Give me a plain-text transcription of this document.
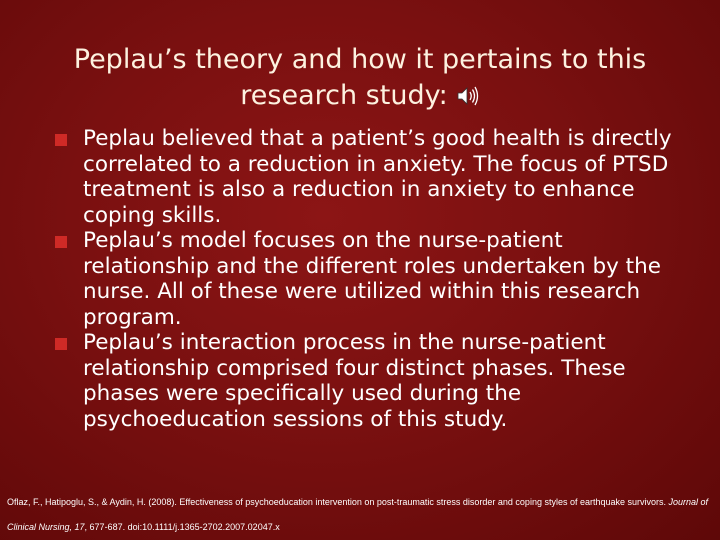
Peplau’s theory and how it pertains to this research study:
Peplau believed that a patient’s good health is directly correlated to a reduction in anxiety. The focus of PTSD treatment is also a reduction in anxiety to enhance coping skills.
Peplau’s model focuses on the nurse-patient relationship and the different roles undertaken by the nurse. All of these were utilized within this research program.
Peplau’s interaction process in the nurse-patient relationship comprised four distinct phases. These phases were specifically used during the psychoeducation sessions of this study.
Oflaz, F., Hatipoglu, S., & Aydin, H. (2008). Effectiveness of psychoeducation intervention on post-traumatic stress disorder and coping styles of earthquake survivors. Journal of Clinical Nursing, 17, 677-687. doi:10.1111/j.1365-2702.2007.02047.x
